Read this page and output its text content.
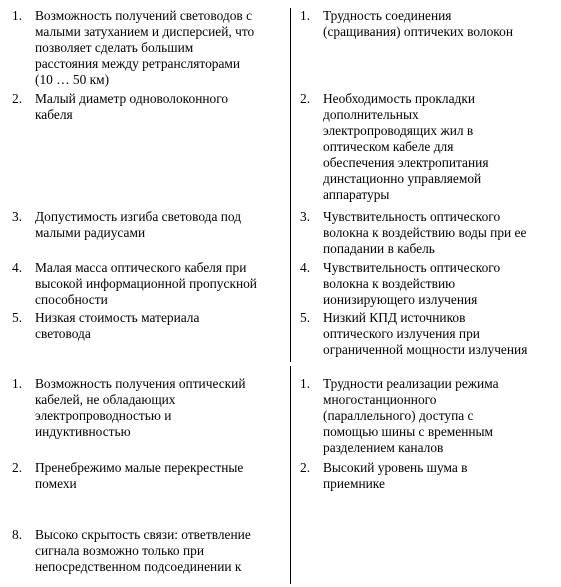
1. Возможность получений световодов с
малыми затуханием и дисперсией, что
позволяет сделать большим
расстояния между ретрансляторами
(10 … 50 км)
2. Малый диаметр одноволоконного
кабеля
3. Допустимость изгиба световода под
малыми радиусами
4. Малая масса оптического кабеля при
высокой информационной пропускной
способности
5. Низкая стоимость материала
световода
1. Трудность соединения
(сращивания) оптичеких волокон
2. Необходимость прокладки
дополнительных
электропроводящих жил в
оптическом кабеле для
обеспечения электропитания
динстационно управляемой
аппаратуры
3. Чувствительность оптического
волокна к воздействию воды при ее
попадании в кабель
4. Чувствительность оптического
волокна к воздействию
ионизирующего излучения
5. Низкий КПД источников
оптического излучения при
ограниченной мощности излучения
1. Возможность получения оптический
кабелей, не обладающих
электропроводностью и
индуктивностью
2. Пренебрежимо малые перекрестные
помехи
8. Высоко скрытость связи: ответвление
сигнала возможно только при
непосредственном подсоединении к
1. Трудности реализации режима
многостанционного
(параллельного) доступа с
помощью шины с временным
разделением каналов
2. Высокий уровень шума в
приемнике
